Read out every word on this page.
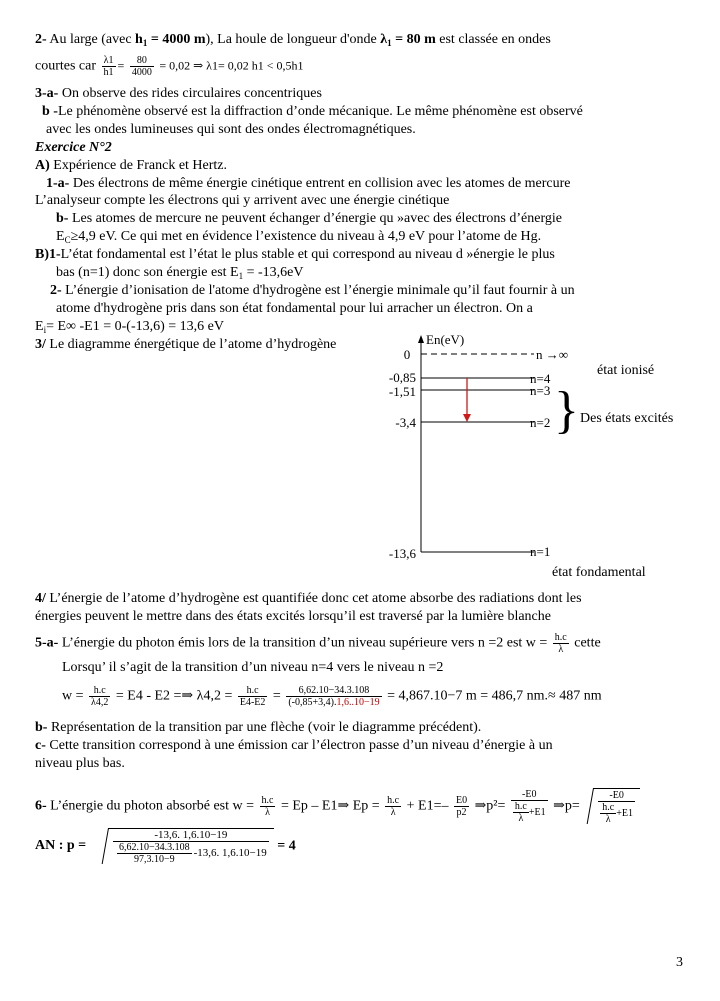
2- Au large (avec $h_1 = 4000$ m), La houle de longueur d'onde $\lambda_1 = 80$ m est classée en ondes
courtes car $\frac{\lambda 1}{h1} = \frac{80}{4000} = 0,02$ ⇒ λ1= 0,02 h1 < 0,5h1
3-a- On observe des rides circulaires concentriques
b -Le phénomène observé est la diffraction d’onde mécanique. Le même phénomène est observé
avec les ondes lumineuses qui sont des ondes électromagnétiques.
Exercice N°2
A) Expérience de Franck et Hertz.
1-a- Des électrons de même énergie cinétique entrent en collision avec les atomes de mercure
L’analyseur compte les électrons qui y arrivent avec une énergie cinétique
b- Les atomes de mercure ne peuvent échanger d’énergie qu »avec des électrons d’énergie
$E_C\ge 4,9$ eV. Ce qui met en évidence l’existence du niveau à 4,9 eV pour l’atome de Hg.
B)1-L’état fondamental est l’état le plus stable et qui correspond au niveau d »énergie le plus
bas (n=1) donc son énergie est $E_1 = -13,6eV$
2- L’énergie d’ionisation de l'atome d'hydrogène est l’énergie minimale qu’il faut fournir à un
atome d'hydrogène pris dans son état fondamental pour lui arracher un électron. On a
$E_i= E\infty$ -E1 = 0-(-13,6) = 13,6 eV
3/ Le diagramme énergétique de l’atome d’hydrogène	En(eV)
0	n →∞
-0,85	n=4
-1,51	n=3
-3,4	n=2
-13,6	n=1
état ionisé
} Des états excités
état fondamental
4/ L’énergie de l’atome d’hydrogène est quantifiée donc cet atome absorbe des radiations dont les
énergies peuvent le mettre dans des états excités lorsqu’il est traversé par la lumière blanche
5-a- L’énergie du photon émis lors de la transition d’un niveau supérieure vers n =2 est $w = \frac{h.c}{\lambda}$ cette
Lorsqu’ il s’agit de la transition d’un niveau n=4 vers le niveau n =2
$w = \frac{h.c}{\lambda 4,2} = E4 - E2$ =⇒ $\lambda 4,2 = \frac{h.c}{E4-E2} = \frac{6,62.10-34.3.108}{(-0,85+3,4).1,6..10-19} = 4,867.10-7$ m = 486,7 nm.≈ 487 nm
b- Représentation de la transition par une flèche (voir le diagramme précédent).
c- Cette transition correspond à une émission car l’électron passe d’un niveau d’énergie à un
niveau plus bas.
6- L’énergie du photon absorbé est $w = \frac{h.c}{\lambda} = Ep$ – E1⇒ $Ep = \frac{h.c}{\lambda} + E1=- \frac{E0}{p2}$ ⇒p²= $\frac{-E0}{\frac{h.c}{\lambda} +E1}$ ⇒p= $\frac{-E0}{\frac{h.c}{\lambda} +E1}$
AN : $p = \frac{-13,6. 1,6.10-19}{\frac{6,62.10-34.3.108}{97,3.10-9} -13,6. 1,6.10-19} = 4$
3
